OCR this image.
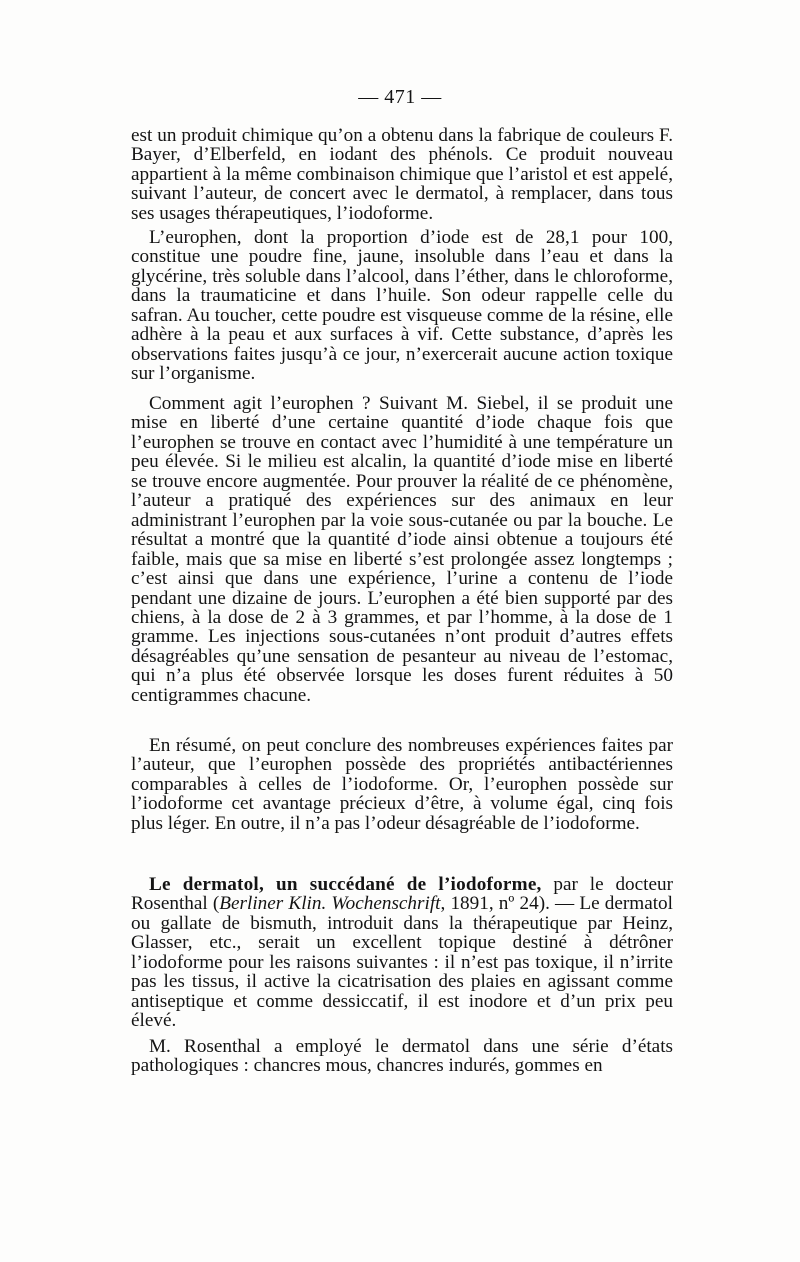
— 471 —

est un produit chimique qu’on a obtenu dans la fabrique de couleurs F. Bayer, d’Elberfeld, en iodant des phénols. Ce produit nouveau appartient à la même combinaison chimique que l’aristol et est appelé, suivant l’auteur, de concert avec le dermatol, à remplacer, dans tous ses usages thérapeutiques, l’iodoforme.

L’europhen, dont la proportion d’iode est de 28,1 pour 100, constitue une poudre fine, jaune, insoluble dans l’eau et dans la glycérine, très soluble dans l’alcool, dans l’éther, dans le chloroforme, dans la traumaticine et dans l’huile. Son odeur rappelle celle du safran. Au toucher, cette poudre est visqueuse comme de la résine, elle adhère à la peau et aux surfaces à vif. Cette substance, d’après les observations faites jusqu’à ce jour, n’exercerait aucune action toxique sur l’organisme.

Comment agit l’europhen ? Suivant M. Siebel, il se produit une mise en liberté d’une certaine quantité d’iode chaque fois que l’europhen se trouve en contact avec l’humidité à une température un peu élevée. Si le milieu est alcalin, la quantité d’iode mise en liberté se trouve encore augmentée. Pour prouver la réalité de ce phénomène, l’auteur a pratiqué des expériences sur des animaux en leur administrant l’europhen par la voie sous-cutanée ou par la bouche. Le résultat a montré que la quantité d’iode ainsi obtenue a toujours été faible, mais que sa mise en liberté s’est prolongée assez longtemps ; c’est ainsi que dans une expérience, l’urine a contenu de l’iode pendant une dizaine de jours. L’europhen a été bien supporté par des chiens, à la dose de 2 à 3 grammes, et par l’homme, à la dose de 1 gramme. Les injections sous-cutanées n’ont produit d’autres effets désagréables qu’une sensation de pesanteur au niveau de l’estomac, qui n’a plus été observée lorsque les doses furent réduites à 50 centigrammes chacune.

En résumé, on peut conclure des nombreuses expériences faites par l’auteur, que l’europhen possède des propriétés antibactériennes comparables à celles de l’iodoforme. Or, l’europhen possède sur l’iodoforme cet avantage précieux d’être, à volume égal, cinq fois plus léger. En outre, il n’a pas l’odeur désagréable de l’iodoforme.

Le dermatol, un succédané de l’iodoforme, par le docteur Rosenthal (Berliner Klin. Wochenschrift, 1891, nº 24). — Le dermatol ou gallate de bismuth, introduit dans la thérapeutique par Heinz, Glasser, etc., serait un excellent topique destiné à détrôner l’iodoforme pour les raisons suivantes : il n’est pas toxique, il n’irrite pas les tissus, il active la cicatrisation des plaies en agissant comme antiseptique et comme dessiccatif, il est inodore et d’un prix peu élevé.

M. Rosenthal a employé le dermatol dans une série d’états pathologiques : chancres mous, chancres indurés, gommes en
